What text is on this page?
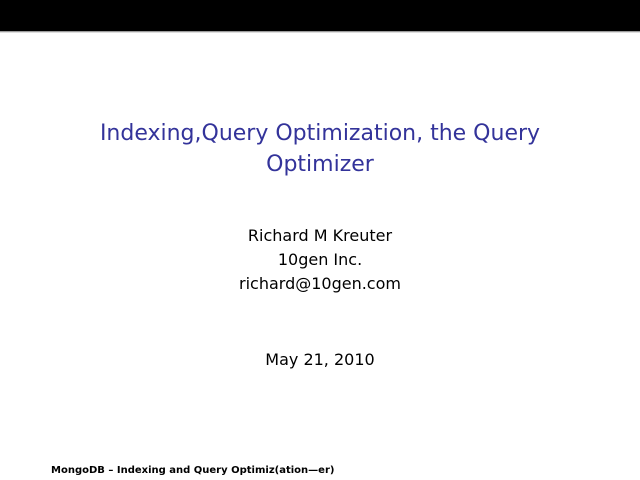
Indexing,Query Optimization, the Query Optimizer
Richard M Kreuter
10gen Inc.
richard@10gen.com
May 21, 2010
MongoDB – Indexing and Query Optimiz(ation—er)
